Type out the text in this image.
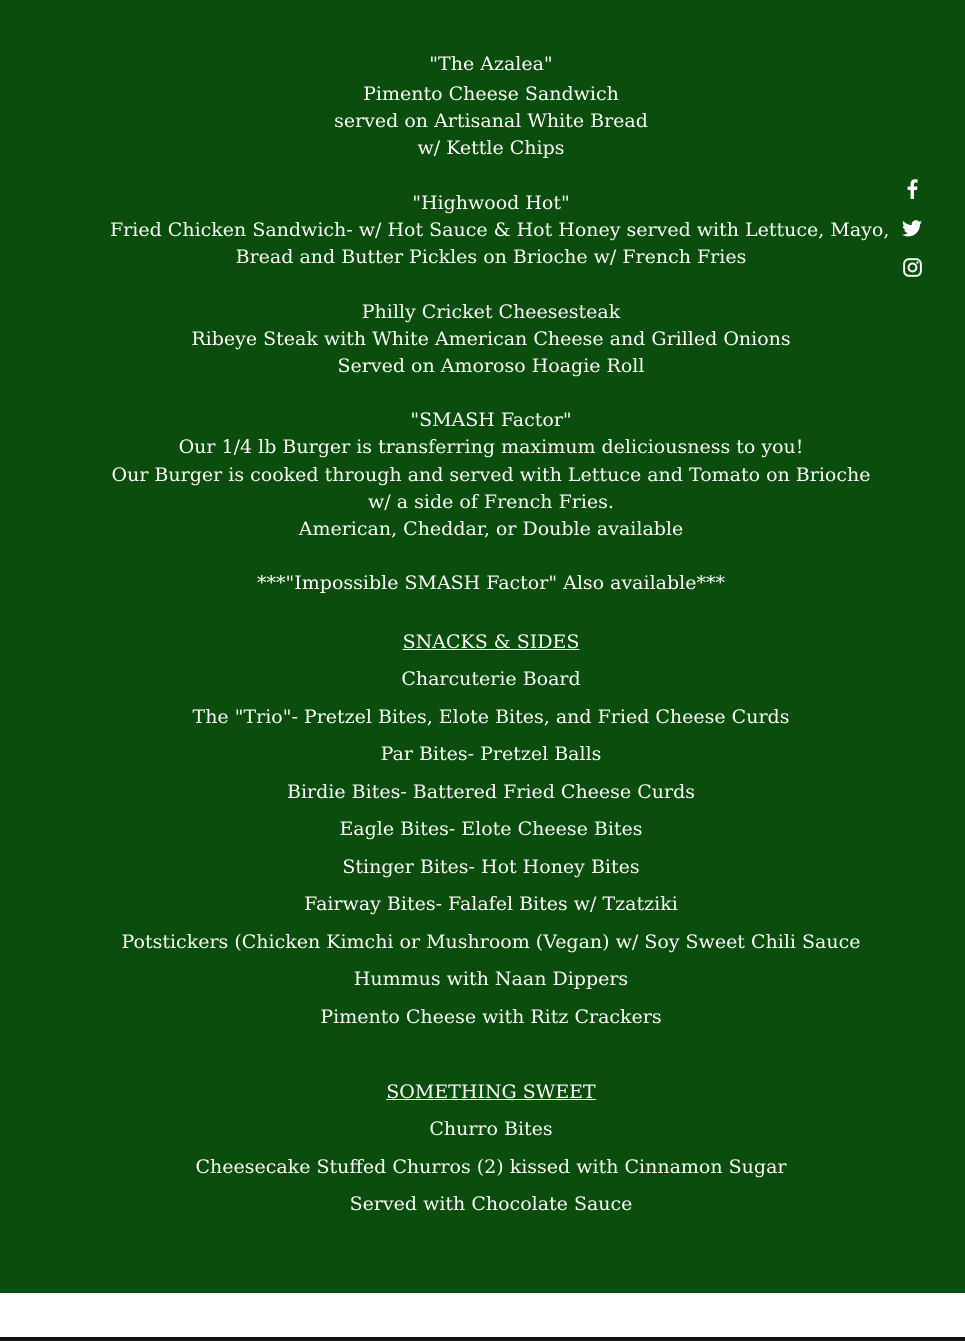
"The Azalea"
Pimento Cheese Sandwich
served on Artisanal White Bread
w/ Kettle Chips
"Highwood Hot"
Fried Chicken Sandwich- w/ Hot Sauce & Hot Honey served with Lettuce, Mayo,
Bread and Butter Pickles on Brioche w/ French Fries
Philly Cricket Cheesesteak
Ribeye Steak with White American Cheese and Grilled Onions
Served on Amoroso Hoagie Roll
"SMASH Factor"
Our 1/4 lb Burger is transferring maximum deliciousness to you!
Our Burger is cooked through and served with Lettuce and Tomato on Brioche
w/ a side of French Fries.
American, Cheddar, or Double available
***"Impossible SMASH Factor" Also available***
SNACKS & SIDES
Charcuterie Board
The "Trio"- Pretzel Bites, Elote Bites, and Fried Cheese Curds
Par Bites- Pretzel Balls
Birdie Bites- Battered Fried Cheese Curds
Eagle Bites- Elote Cheese Bites
Stinger Bites- Hot Honey Bites
Fairway Bites- Falafel Bites w/ Tzatziki
Potstickers (Chicken Kimchi or Mushroom (Vegan) w/ Soy Sweet Chili Sauce
Hummus with Naan Dippers
Pimento Cheese with Ritz Crackers
SOMETHING SWEET
Churro Bites
Cheesecake Stuffed Churros (2) kissed with Cinnamon Sugar
Served with Chocolate Sauce
